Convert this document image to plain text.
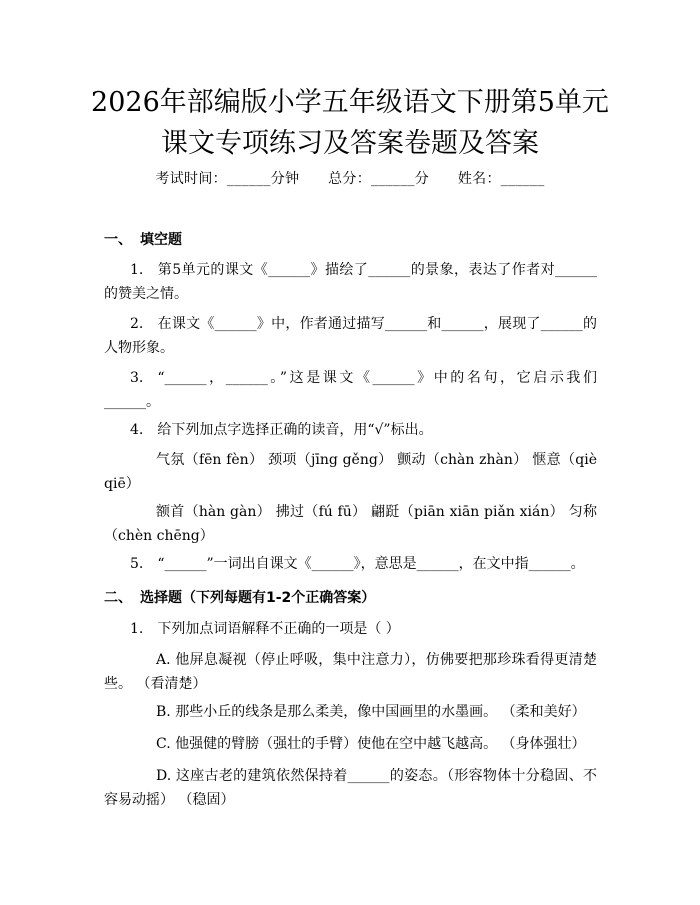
2026年部编版小学五年级语文下册第5单元
课文专项练习及答案卷题及答案
考试时间：______分钟 总分：______分 姓名：______
一、 填空题
1. 第5单元的课文《______》描绘了______的景象，表达了作者对______的赞美之情。
2. 在课文《______》中，作者通过描写______和______，展现了______的人物形象。
3. “______，______。”这是课文《______》中的名句，它启示我们______。
4. 给下列加点字选择正确的读音，用“√”标出。
气氛（fēn fèn） 颈项（jīng gěng） 颤动（chàn zhàn） 惬意（qiè qiē）
额首（hàn gàn） 拂过（fú fū） 翩跹（piān xiān piǎn xián） 匀称（chèn chēng）
5. “______”一词出自课文《______》，意思是______，在文中指______。
二、 选择题（下列每题有1-2个正确答案）
1. 下列加点词语解释不正确的一项是（ ）
A. 他屏息凝视（停止呼吸，集中注意力），仿佛要把那珍珠看得更清楚些。 （看清楚）
B. 那些小丘的线条是那么柔美，像中国画里的水墨画。 （柔和美好）
C. 他强健的臂膀（强壮的手臂）使他在空中越飞越高。 （身体强壮）
D. 这座古老的建筑依然保持着______的姿态。（形容物体十分稳固、不容易动摇） （稳固）
